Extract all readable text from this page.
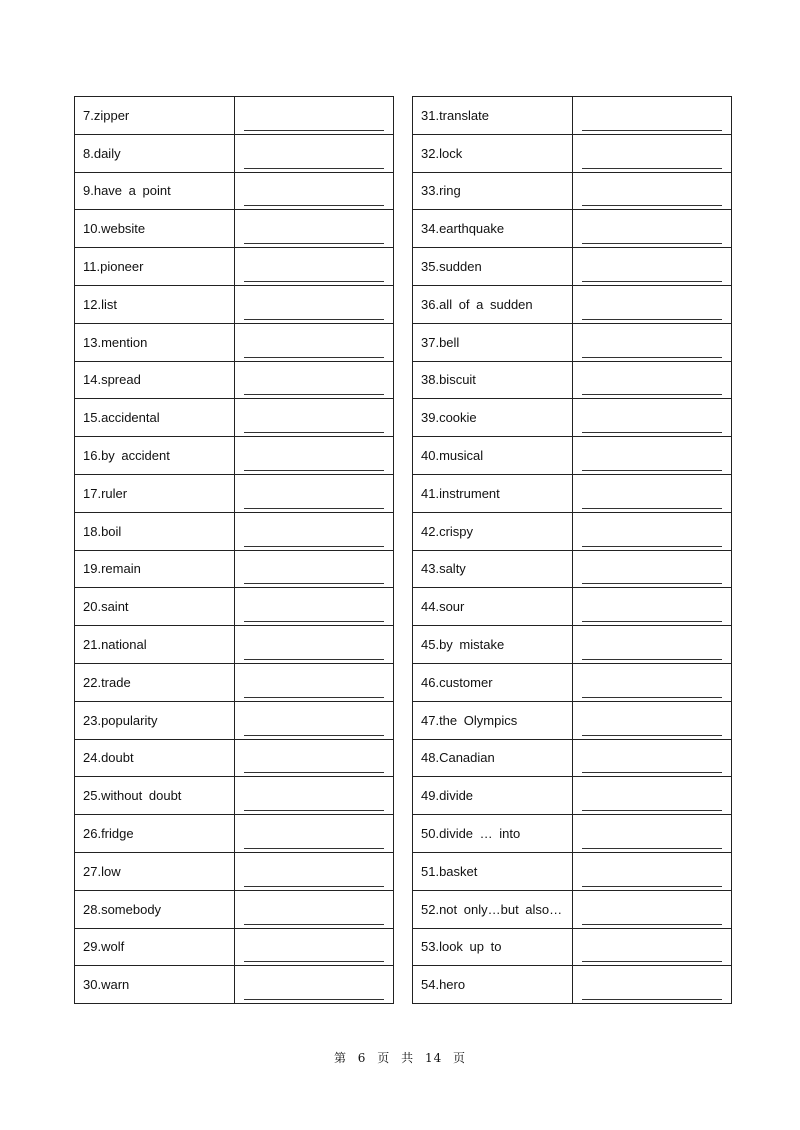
7.zipper	

8.daily	

9.have a point	

10.website	

11.pioneer	

12.list	

13.mention	

14.spread	

15.accidental	

16.by accident	

17.ruler	

18.boil	

19.remain	

20.saint	

21.national	

22.trade	

23.popularity	

24.doubt	

25.without doubt	

26.fridge	

27.low	

28.somebody	

29.wolf	

30.warn	
31.translate	

32.lock	

33.ring	

34.earthquake	

35.sudden	

36.all of a sudden	

37.bell	

38.biscuit	

39.cookie	

40.musical	

41.instrument	

42.crispy	

43.salty	

44.sour	

45.by mistake	

46.customer	

47.the Olympics	

48.Canadian	

49.divide	

50.divide … into	

51.basket	

52.not only…but also…	

53.look up to	

54.hero	
第 6 页 共 14 页
